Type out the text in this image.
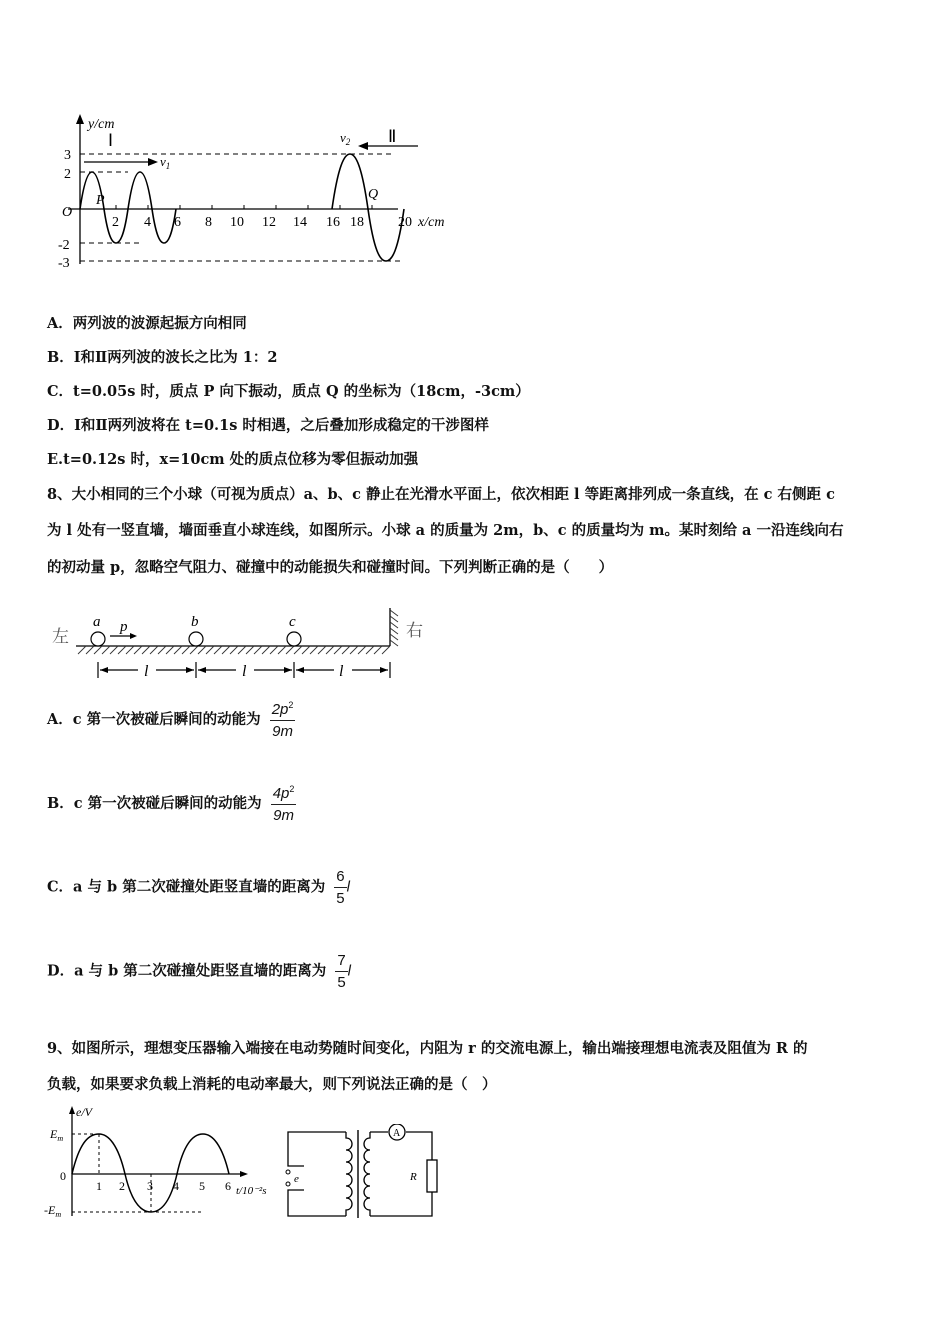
y/cm
x/cm
O
3
2
-2
-3
2 4 6 8 10 12 14 16 18 20
Ⅰ
$v_1$
P
Ⅱ
$v_2$
Q
A．两列波的波源起振方向相同
B．Ⅰ和Ⅱ两列波的波长之比为 1：2
C．t=0.05s 时，质点 P 向下振动，质点 Q 的坐标为（18cm，-3cm）
D．Ⅰ和Ⅱ两列波将在 t=0.1s 时相遇，之后叠加形成稳定的干涉图样
E.t=0.12s 时，x=10cm 处的质点位移为零但振动加强
8、大小相同的三个小球（可视为质点）a、b、c 静止在光滑水平面上，依次相距 l 等距离排列成一条直线，在 c 右侧距 c
为 l 处有一竖直墙，墙面垂直小球连线，如图所示。小球 a 的质量为 2m，b、c 的质量均为 m。某时刻给 a 一沿连线向右
的初动量 p，忽略空气阻力、碰撞中的动能损失和碰撞时间。下列判断正确的是（　　）
左	右
a	b	c
p
l	l	l
A．c 第一次被碰后瞬间的动能为 $\frac{2p^2}{9m}$
B．c 第一次被碰后瞬间的动能为 $\frac{4p^2}{9m}$
C．a 与 b 第二次碰撞处距竖直墙的距离为 $\frac{6}{5}$ l
D．a 与 b 第二次碰撞处距竖直墙的距离为 $\frac{7}{5}$ l
9、如图所示，理想变压器输入端接在电动势随时间变化，内阻为 r 的交流电源上，输出端接理想电流表及阻值为 R 的
负载，如果要求负载上消耗的电动率最大，则下列说法正确的是（　）
e/V
$E_m$
$-E_m$
0
1 2 3 4 5 6 t/10⁻²s
e
A
R
